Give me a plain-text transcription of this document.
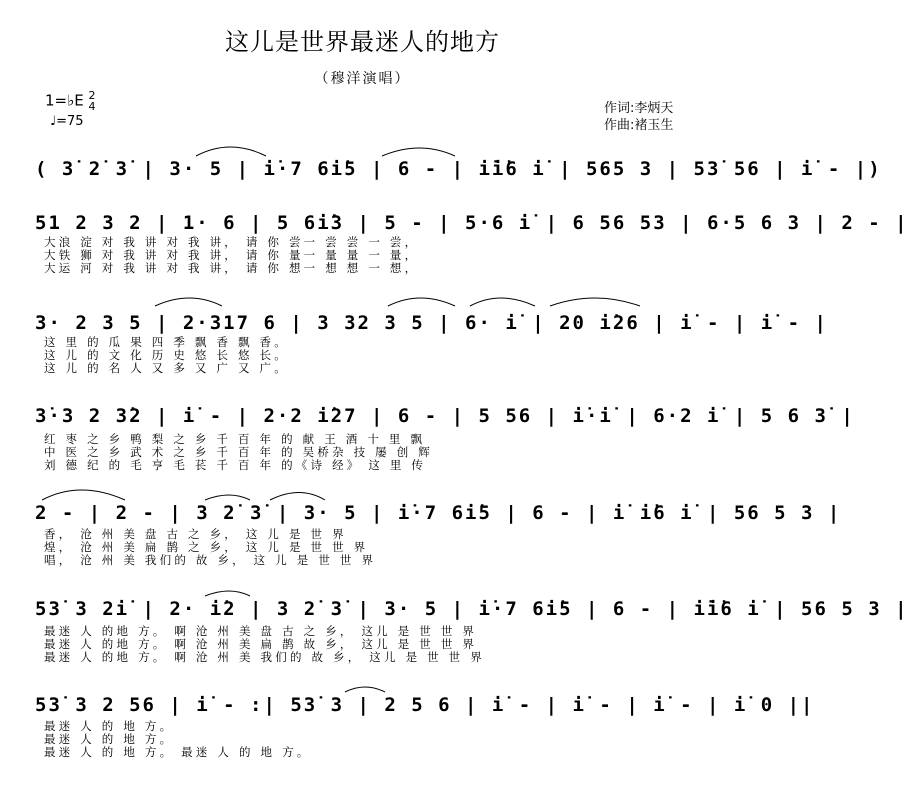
这儿是世界最迷人的地方
（穆洋演唱）
1=♭E 2
4
♩=75
作词:李炳天
作曲:褚玉生
( 3̇ 2̇ 3̇ | 3· 5 | i̇·7 6i̇5 | 6 - | i̇i̇6 i̇ | 565 3 | 53̇ 56 | i̇ - |)
51 2 3 2 | 1· 6 | 5 6i̇3 | 5 - | 5·6 i̇ | 6 56 53 | 6·5 6 3 | 2 - |
大浪 淀 对 我 讲 对 我 讲， 请 你 尝一 尝 尝 一 尝，
大铁 狮 对 我 讲 对 我 讲， 请 你 量一 量 量 一 量，
大运 河 对 我 讲 对 我 讲， 请 你 想一 想 想 一 想，
3· 2 3 5 | 2·317 6 | 3 32 3 5 | 6· i̇ | 20 i̇26 | i̇ - | i̇ - |
这 里 的 瓜 果 四 季 飘 香 飘 香。
这 儿 的 文 化 历 史 悠 长 悠 长。
这 儿 的 名 人 又 多 又 广 又 广。
3̇·3 2 3̇2 | i̇ - | 2·2 i̇27 | 6 - | 5 56 | i̇·i̇ | 6·2 i̇ | 5 6 3̇ |
红 枣 之 乡 鸭 梨 之 乡 千 百 年 的 献 王 酒 十 里 飘
中 医 之 乡 武 术 之 乡 千 百 年 的 吴桥杂 技 屡 创 辉
刘 德 纪 的 毛 亨 毛 苌 千 百 年 的《诗 经》 这 里 传
2 - | 2 - | 3 2̇ 3̇ | 3· 5 | i̇·7 6i̇5 | 6 - | i̇ i̇6 i̇ | 56 5 3 |
香， 沧 州 美 盘 古 之 乡， 这 儿 是 世 界
煌， 沧 州 美 扁 鹊 之 乡， 这 儿 是 世 世 界
唱， 沧 州 美 我们的 故 乡， 这 儿 是 世 世 界
53̇ 3 2i̇ | 2· i̇2 | 3 2̇ 3̇ | 3· 5 | i̇·7 6i̇5 | 6 - | i̇i̇6 i̇ | 56 5 3 |
最迷 人 的地 方。 啊 沧 州 美 盘 古 之 乡， 这儿 是 世 世 界
最迷 人 的地 方。 啊 沧 州 美 扁 鹊 故 乡， 这儿 是 世 世 界
最迷 人 的地 方。 啊 沧 州 美 我们的 故 乡， 这儿 是 世 世 界
53̇ 3 2 56 | i̇ - :| 53̇ 3 | 2 5 6 | i̇ - | i̇ - | i̇ - | i̇ 0 ||
最迷 人 的 地 方。
最迷 人 的 地 方。
最迷 人 的 地 方。 最迷 人 的 地 方。
